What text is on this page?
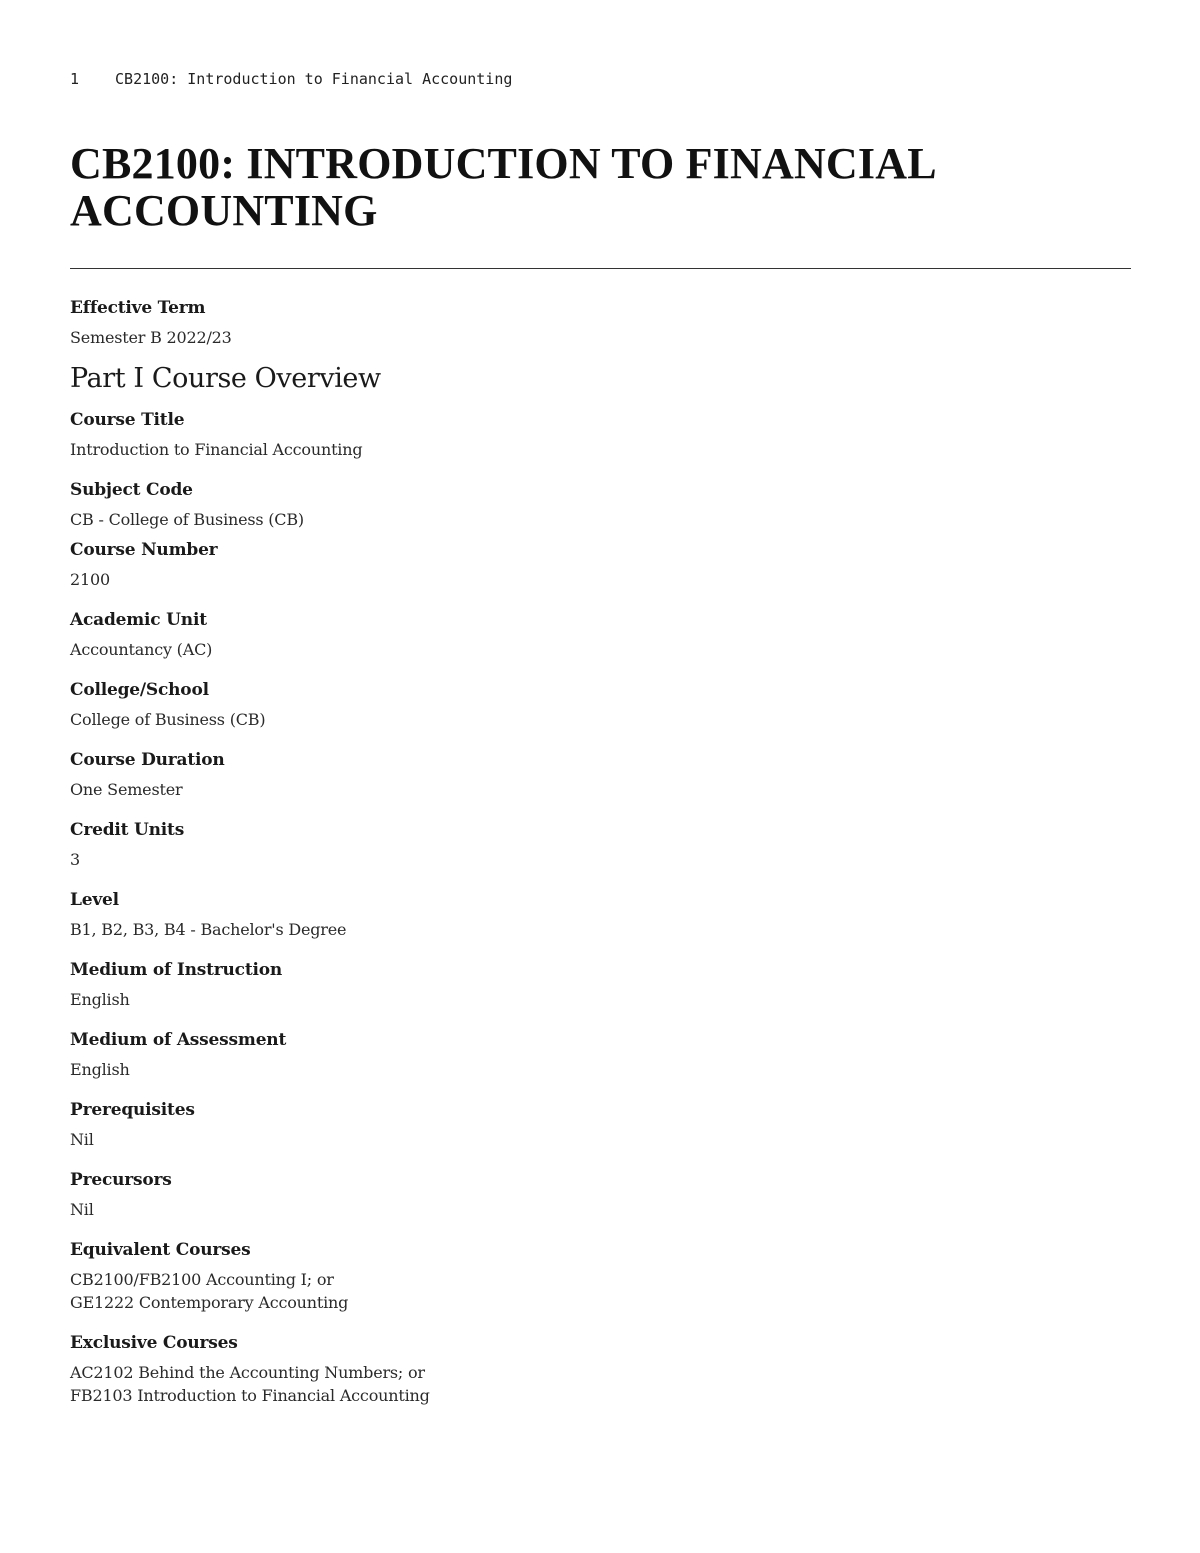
1 CB2100: Introduction to Financial Accounting
CB2100: INTRODUCTION TO FINANCIAL
ACCOUNTING
Effective Term
Semester B 2022/23
Part I Course Overview
Course Title
Introduction to Financial Accounting
Subject Code
CB - College of Business (CB)
Course Number
2100
Academic Unit
Accountancy (AC)
College/School
College of Business (CB)
Course Duration
One Semester
Credit Units
3
Level
B1, B2, B3, B4 - Bachelor's Degree
Medium of Instruction
English
Medium of Assessment
English
Prerequisites
Nil
Precursors
Nil
Equivalent Courses
CB2100/FB2100 Accounting I; or
GE1222 Contemporary Accounting
Exclusive Courses
AC2102 Behind the Accounting Numbers; or
FB2103 Introduction to Financial Accounting
